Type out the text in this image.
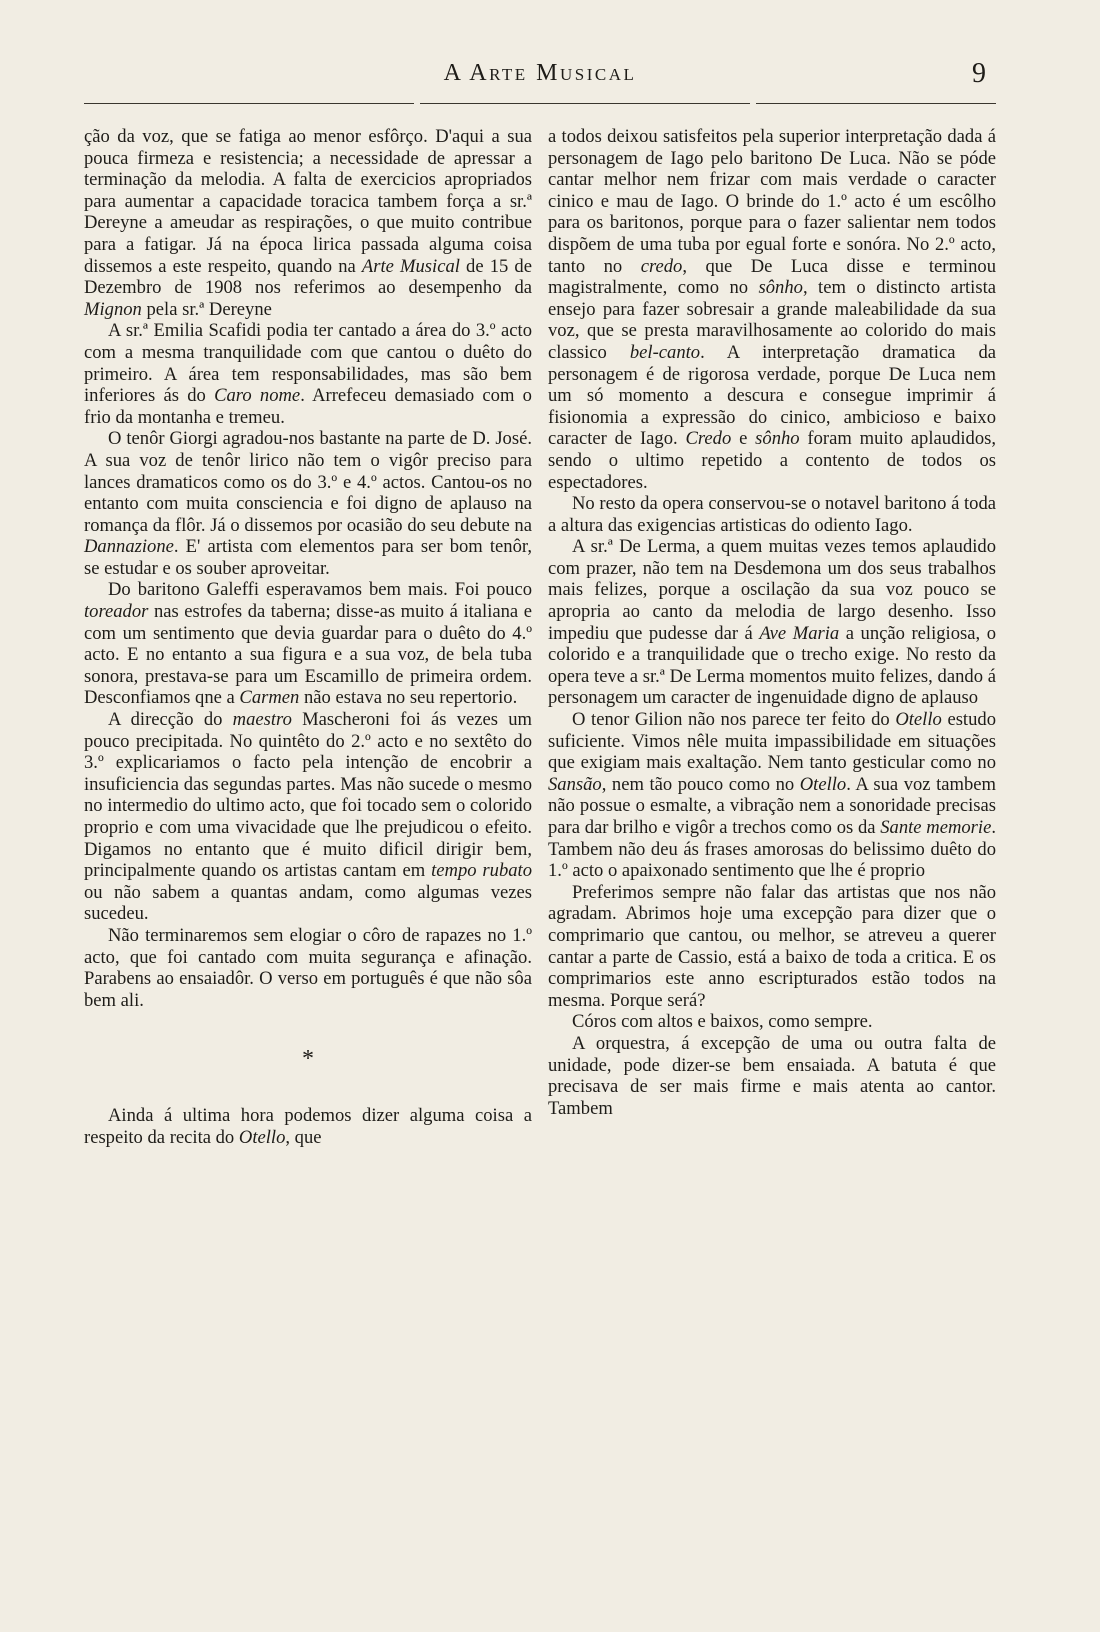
A Arte Musical	9

ção da voz, que se fatiga ao menor esfôrço. D'aqui a sua pouca firmeza e resistencia; a necessidade de apressar a terminação da melodia. A falta de exercicios apropriados para aumentar a capacidade toracica tambem força a sr.ª Dereyne a ameudar as respirações, o que muito contribue para a fatigar. Já na época lirica passada alguma coisa dissemos a este respeito, quando na Arte Musical de 15 de Dezembro de 1908 nos referimos ao desempenho da Mignon pela sr.ª Dereyne

A sr.ª Emilia Scafidi podia ter cantado a área do 3.º acto com a mesma tranquilidade com que cantou o duêto do primeiro. A área tem responsabilidades, mas são bem inferiores ás do Caro nome. Arrefeceu demasiado com o frio da montanha e tremeu.

O tenôr Giorgi agradou-nos bastante na parte de D. José. A sua voz de tenôr lirico não tem o vigôr preciso para lances dramaticos como os do 3.º e 4.º actos. Cantou-os no entanto com muita consciencia e foi digno de aplauso na romança da flôr. Já o dissemos por ocasião do seu debute na Dannazione. E' artista com elementos para ser bom tenôr, se estudar e os souber aproveitar.

Do baritono Galeffi esperavamos bem mais. Foi pouco toreador nas estrofes da taberna; disse-as muito á italiana e com um sentimento que devia guardar para o duêto do 4.º acto. E no entanto a sua figura e a sua voz, de bela tuba sonora, prestava-se para um Escamillo de primeira ordem. Desconfiamos qne a Carmen não estava no seu repertorio.

A direcção do maestro Mascheroni foi ás vezes um pouco precipitada. No quintêto do 2.º acto e no sextêto do 3.º explicariamos o facto pela intenção de encobrir a insuficiencia das segundas partes. Mas não sucede o mesmo no intermedio do ultimo acto, que foi tocado sem o colorido proprio e com uma vivacidade que lhe prejudicou o efeito. Digamos no entanto que é muito dificil dirigir bem, principalmente quando os artistas cantam em tempo rubato ou não sabem a quantas andam, como algumas vezes sucedeu.

Não terminaremos sem elogiar o côro de rapazes no 1.º acto, que foi cantado com muita segurança e afinação. Parabens ao ensaiadôr. O verso em português é que não sôa bem ali.

*

Ainda á ultima hora podemos dizer alguma coisa a respeito da recita do Otello, que

a todos deixou satisfeitos pela superior interpretação dada á personagem de Iago pelo baritono De Luca. Não se póde cantar melhor nem frizar com mais verdade o caracter cinico e mau de Iago. O brinde do 1.º acto é um escôlho para os baritonos, porque para o fazer salientar nem todos dispõem de uma tuba por egual forte e sonóra. No 2.º acto, tanto no credo, que De Luca disse e terminou magistralmente, como no sônho, tem o distincto artista ensejo para fazer sobresair a grande maleabilidade da sua voz, que se presta maravilhosamente ao colorido do mais classico bel-canto. A interpretação dramatica da personagem é de rigorosa verdade, porque De Luca nem um só momento a descura e consegue imprimir á fisionomia a expressão do cinico, ambicioso e baixo caracter de Iago. Credo e sônho foram muito aplaudidos, sendo o ultimo repetido a contento de todos os espectadores.

No resto da opera conservou-se o notavel baritono á toda a altura das exigencias artisticas do odiento Iago.

A sr.ª De Lerma, a quem muitas vezes temos aplaudido com prazer, não tem na Desdemona um dos seus trabalhos mais felizes, porque a oscilação da sua voz pouco se apropria ao canto da melodia de largo desenho. Isso impediu que pudesse dar á Ave Maria a unção religiosa, o colorido e a tranquilidade que o trecho exige. No resto da opera teve a sr.ª De Lerma momentos muito felizes, dando á personagem um caracter de ingenuidade digno de aplauso

O tenor Gilion não nos parece ter feito do Otello estudo suficiente. Vimos nêle muita impassibilidade em situações que exigiam mais exaltação. Nem tanto gesticular como no Sansão, nem tão pouco como no Otello. A sua voz tambem não possue o esmalte, a vibração nem a sonoridade precisas para dar brilho e vigôr a trechos como os da Sante memorie. Tambem não deu ás frases amorosas do belissimo duêto do 1.º acto o apaixonado sentimento que lhe é proprio

Preferimos sempre não falar das artistas que nos não agradam. Abrimos hoje uma excepção para dizer que o comprimario que cantou, ou melhor, se atreveu a querer cantar a parte de Cassio, está a baixo de toda a critica. E os comprimarios este anno escripturados estão todos na mesma. Porque será?

Córos com altos e baixos, como sempre.

A orquestra, á excepção de uma ou outra falta de unidade, pode dizer-se bem ensaiada. A batuta é que precisava de ser mais firme e mais atenta ao cantor. Tambem
